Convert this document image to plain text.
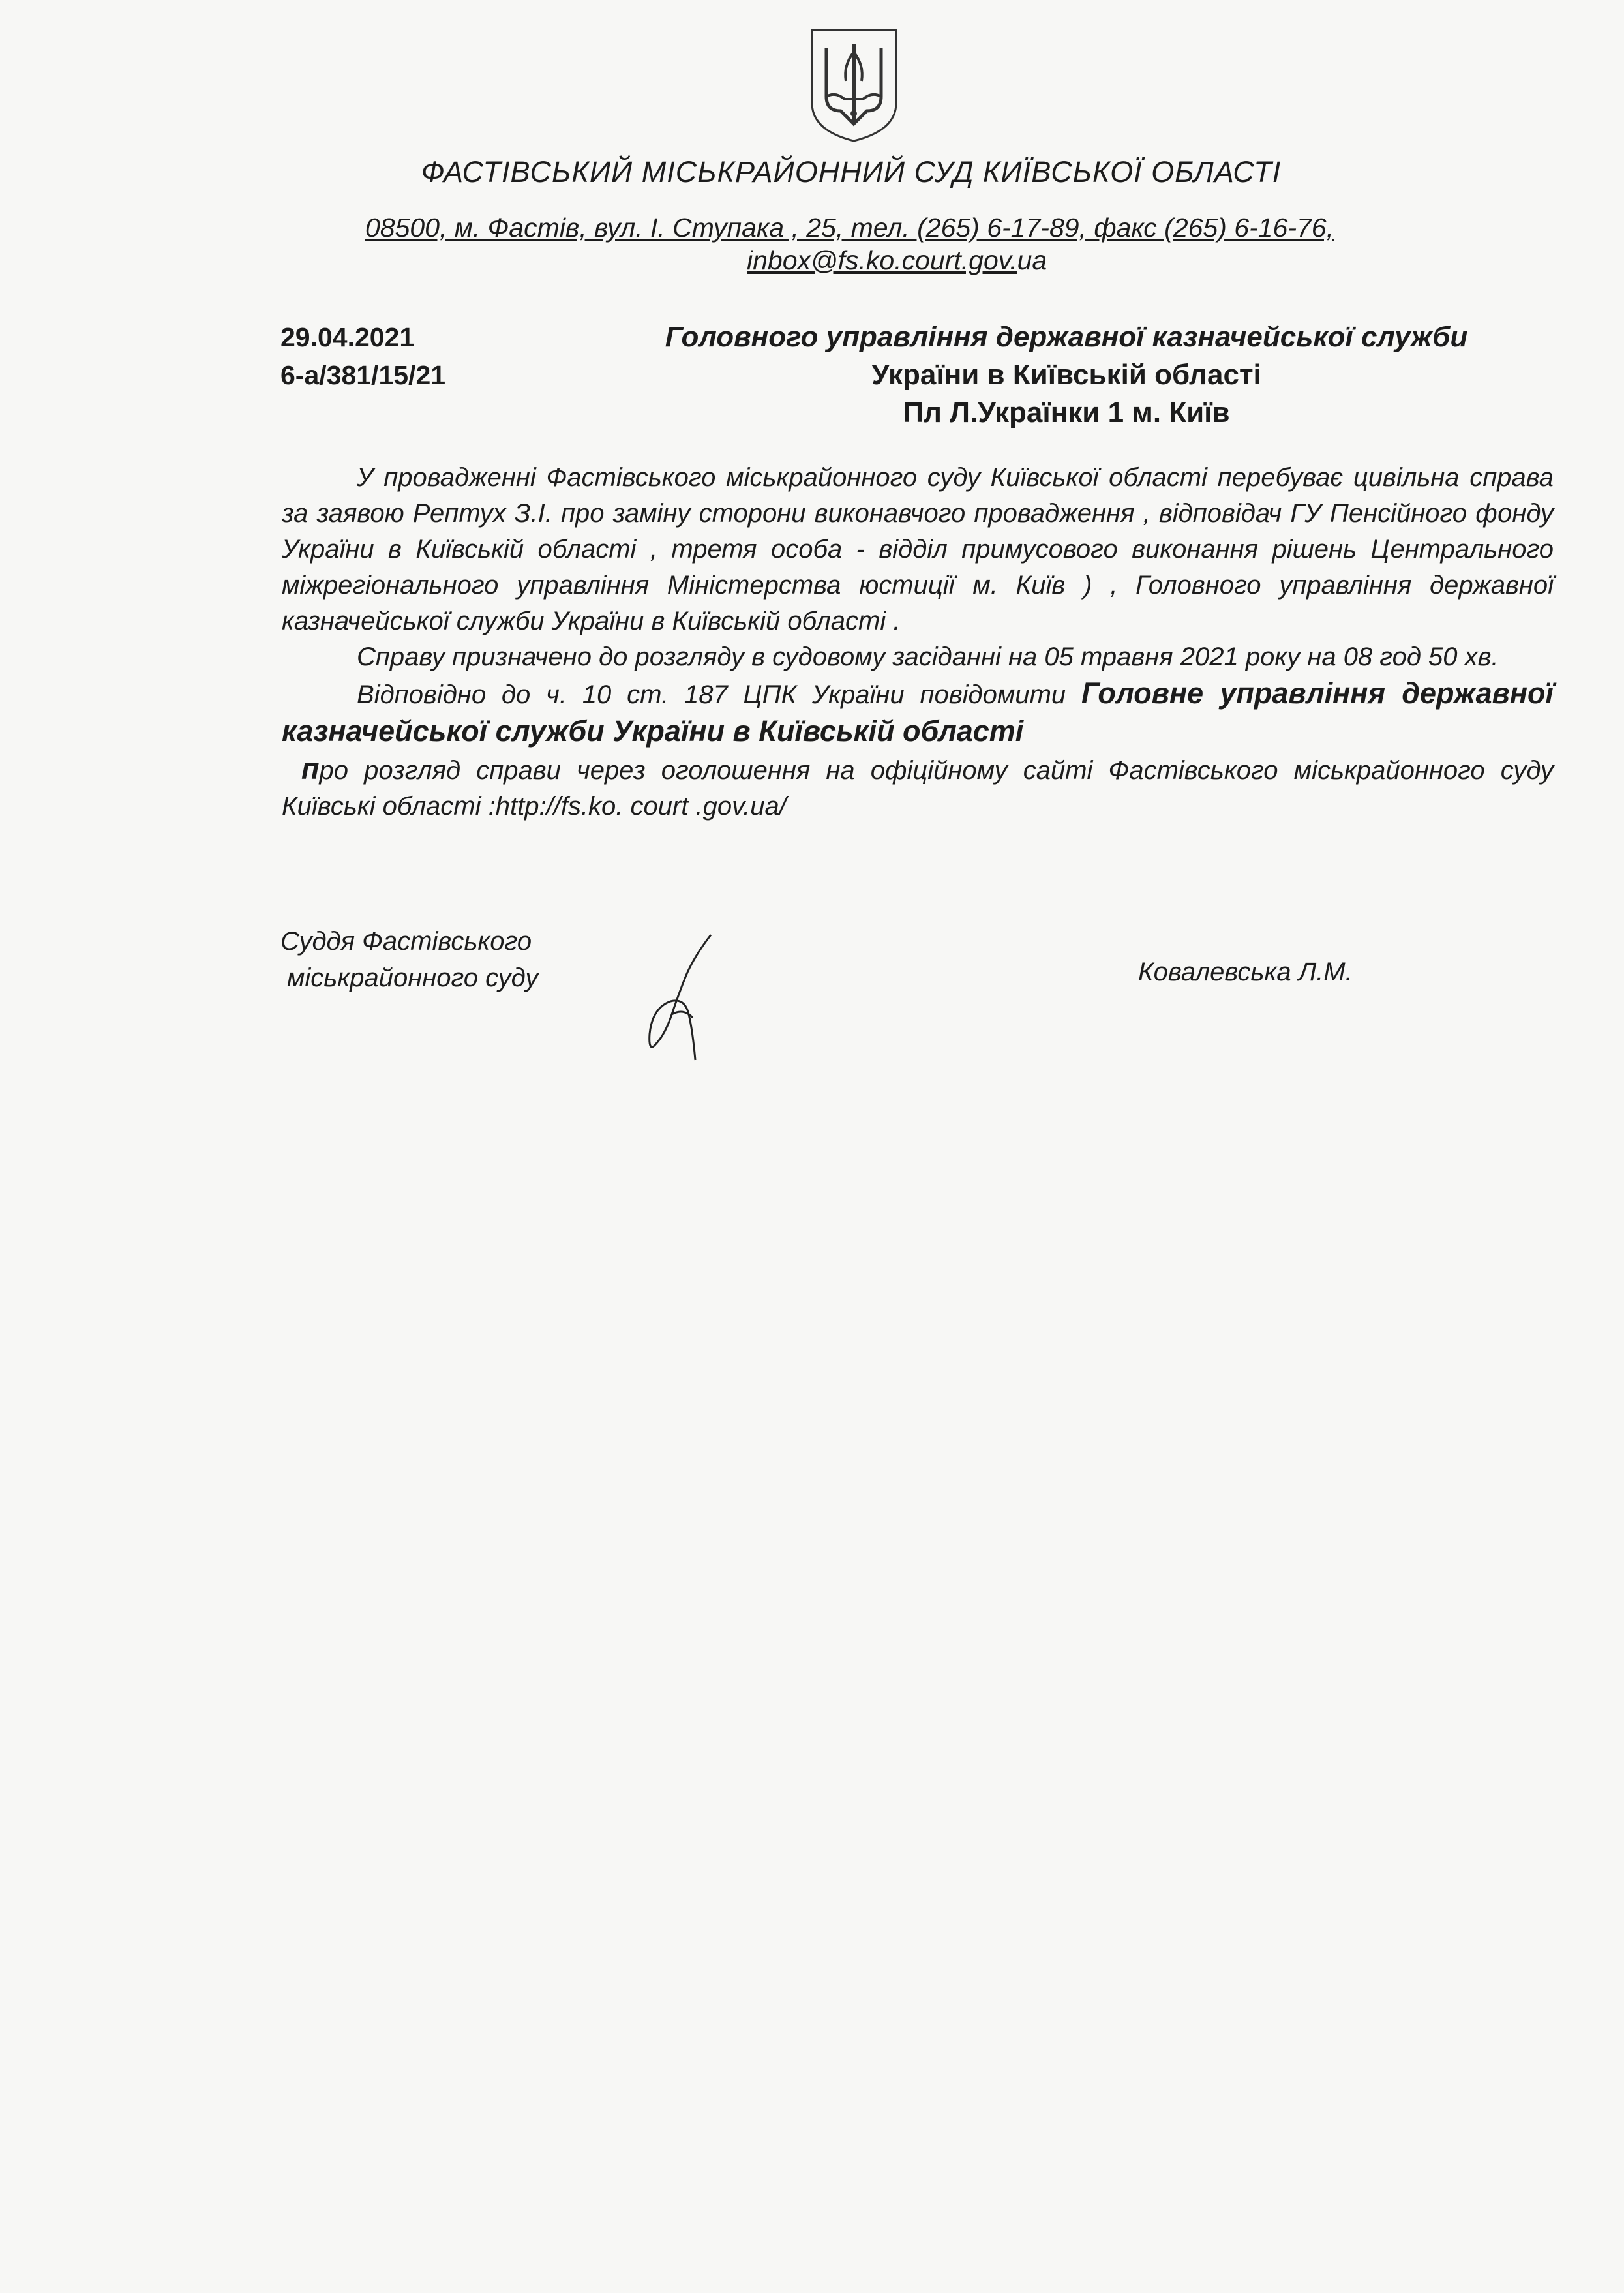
ФАСТІВСЬКИЙ МІСЬКРАЙОННИЙ СУД КИЇВСЬКОЇ ОБЛАСТІ
08500, м. Фастів, вул. І. Ступака , 25, тел. (265) 6-17-89, факс (265) 6-16-76,
inbox@fs.ko.court.gov.ua
29.04.2021
6-а/381/15/21
Головного управління державної казначейської служби
України в Київській області
Пл Л.Українки 1 м. Київ

У провадженні Фастівського міськрайонного суду Київської області перебуває цивільна справа за заявою Рептух З.І. про заміну сторони виконавчого провадження , відповідач ГУ Пенсійного фонду України в Київській області , третя особа - відділ примусового виконання рішень Центрального міжрегіонального управління Міністерства юстиції м. Київ ) , Головного управління державної казначейської служби України в Київській області .

Справу призначено до розгляду в судовому засіданні на 05 травня 2021 року на 08 год 50 хв.

Відповідно до ч. 10 ст. 187 ЦПК України повідомити Головне управління державної казначейської служби України в Київській області

про розгляд справи через оголошення на офіційному сайті Фастівського міськрайонного суду Київські області :http://fs.ko. court .gov.ua/

Суддя Фастівського
міськрайонного суду	Ковалевська Л.М.
